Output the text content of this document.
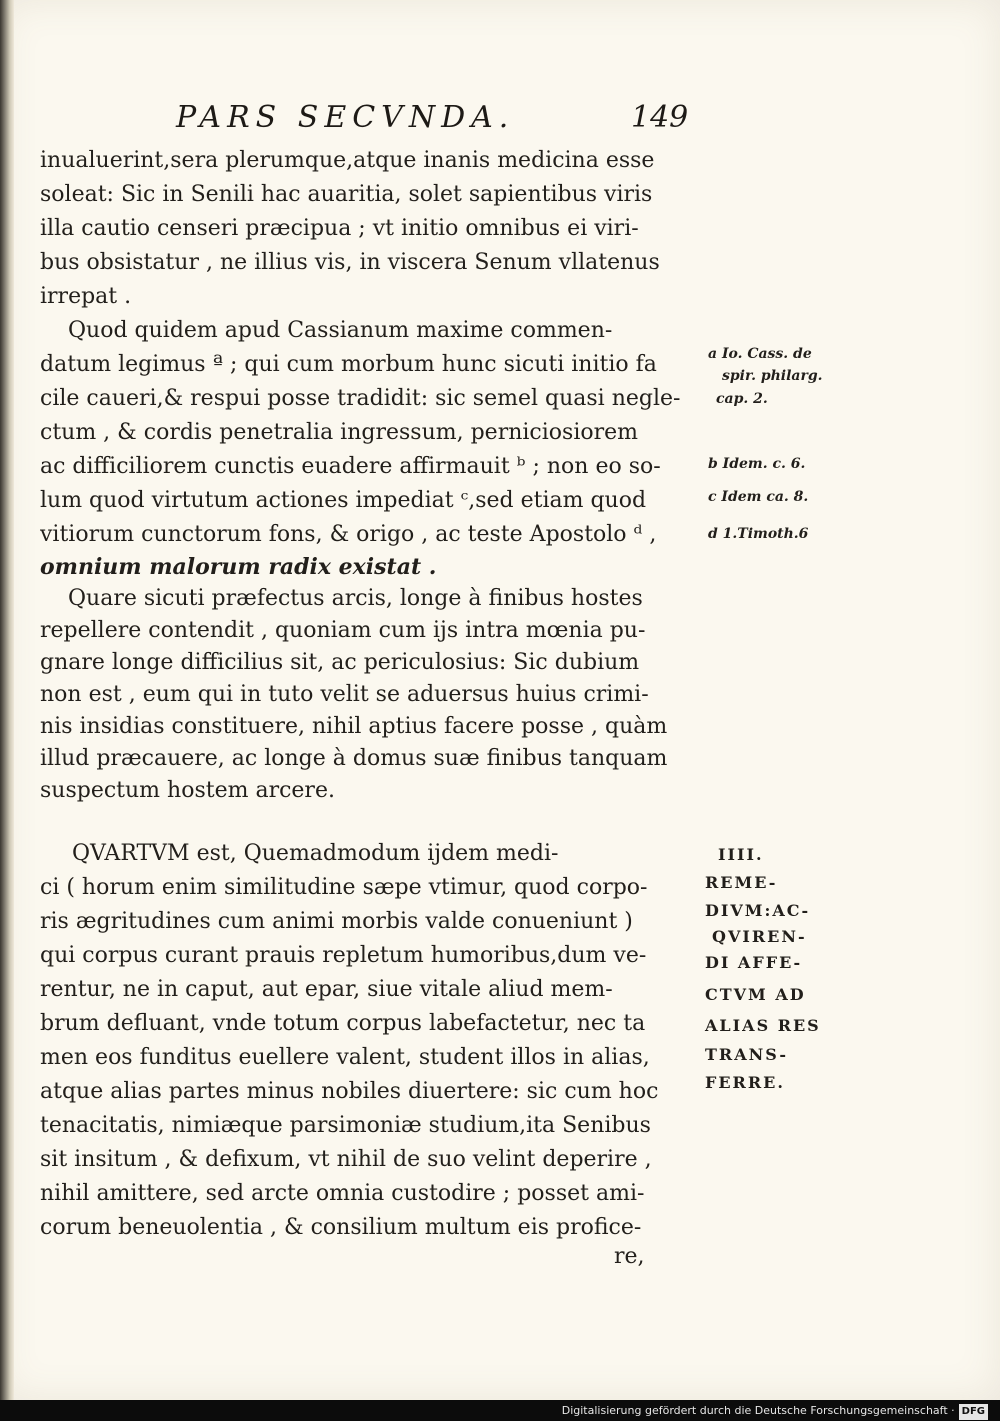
PARS SECVNDA.	149
inualuerint,sera plerumque,atque inanis medicina esse
soleat: Sic in Senili hac auaritia, solet sapientibus viris
illa cautio censeri præcipua ; vt initio omnibus ei viri-
bus obsistatur , ne illius vis, in viscera Senum vllatenus
irrepat .
Quod quidem apud Cassianum maxime commen-
datum legimus ª ; qui cum morbum hunc sicuti initio fa
cile caueri,& respui posse tradidit: sic semel quasi negle-
ctum , & cordis penetralia ingressum, perniciosiorem
ac difficiliorem cunctis euadere affirmauit ᵇ ; non eo so-
lum quod virtutum actiones impediat ᶜ,sed etiam quod
vitiorum cunctorum fons, & origo , ac teste Apostolo ᵈ ,
omnium malorum radix existat .
Quare sicuti præfectus arcis, longe à finibus hostes
repellere contendit , quoniam cum ijs intra mœnia pu-
gnare longe difficilius sit, ac periculosius: Sic dubium
non est , eum qui in tuto velit se aduersus huius crimi-
nis insidias constituere, nihil aptius facere posse , quàm
illud præcauere, ac longe à domus suæ finibus tanquam
suspectum hostem arcere.
QVARTVM est, Quemadmodum ijdem medi-
ci ( horum enim similitudine sæpe vtimur, quod corpo-
ris ægritudines cum animi morbis valde conueniunt )
qui corpus curant prauis repletum humoribus,dum ve-
rentur, ne in caput, aut epar, siue vitale aliud mem-
brum defluant, vnde totum corpus labefactetur, nec ta
men eos funditus euellere valent, student illos in alias,
atque alias partes minus nobiles diuertere: sic cum hoc
tenacitatis, nimiæque parsimoniæ studium,ita Senibus
sit insitum , & defixum, vt nihil de suo velint deperire ,
nihil amittere, sed arcte omnia custodire ; posset ami-
corum beneuolentia , & consilium multum eis profice-
re,
a Io. Cass. de
spir. philarg.
cap. 2.
b Idem. c. 6.
c Idem ca. 8.
d 1.Timoth.6
IIII.
REME-
DIVM:AC-
QVIREN-
DI AFFE-
CTVM AD
ALIAS RES
TRANS-
FERRE.
Digitalisierung gefördert durch die Deutsche Forschungsgemeinschaft · DFG
